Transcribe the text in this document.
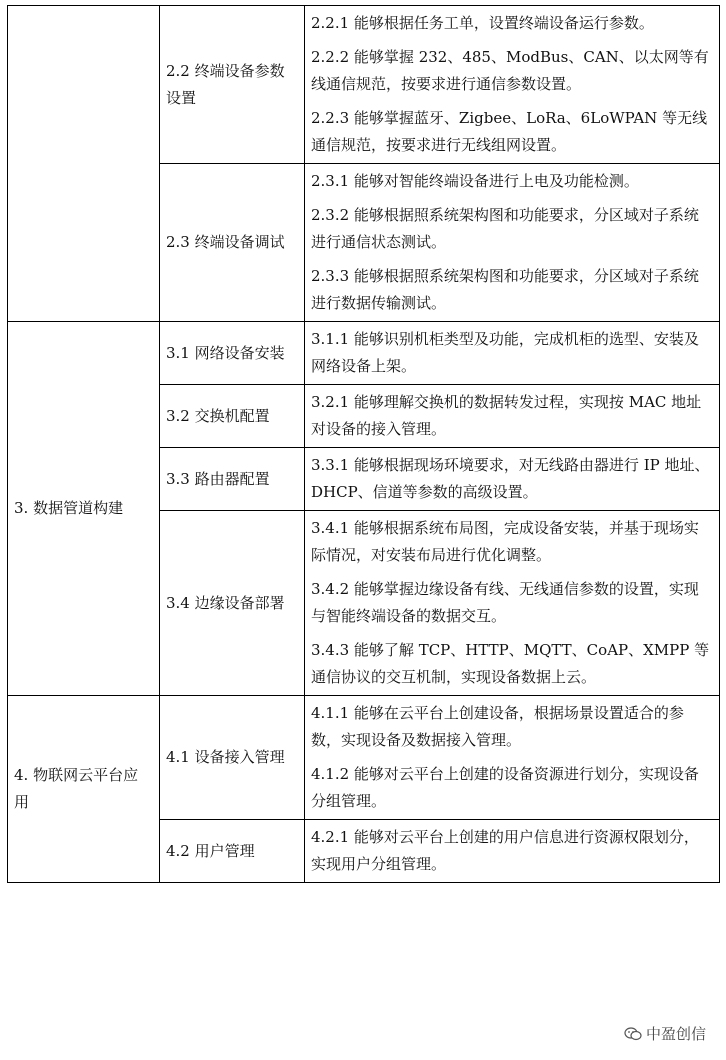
	2.2 终端设备参数设置	2.2.1 能够根据任务工单，设置终端设备运行参数。
2.2.2 能够掌握 232、485、ModBus、CAN、以太网等有线通信规范，按要求进行通信参数设置。
2.2.3 能够掌握蓝牙、Zigbee、LoRa、6LoWPAN 等无线通信规范，按要求进行无线组网设置。

	2.3 终端设备调试	2.3.1 能够对智能终端设备进行上电及功能检测。
2.3.2 能够根据照系统架构图和功能要求，分区域对子系统进行通信状态测试。
2.3.3 能够根据照系统架构图和功能要求，分区域对子系统进行数据传输测试。

3. 数据管道构建	3.1 网络设备安装	3.1.1 能够识别机柜类型及功能，完成机柜的选型、安装及网络设备上架。

	3.2 交换机配置	3.2.1 能够理解交换机的数据转发过程，实现按 MAC 地址对设备的接入管理。

	3.3 路由器配置	3.3.1 能够根据现场环境要求，对无线路由器进行 IP 地址、DHCP、信道等参数的高级设置。

	3.4 边缘设备部署	3.4.1 能够根据系统布局图，完成设备安装，并基于现场实际情况，对安装布局进行优化调整。
3.4.2 能够掌握边缘设备有线、无线通信参数的设置，实现与智能终端设备的数据交互。
3.4.3 能够了解 TCP、HTTP、MQTT、CoAP、XMPP 等通信协议的交互机制，实现设备数据上云。

4. 物联网云平台应用	4.1 设备接入管理	4.1.1 能够在云平台上创建设备，根据场景设置适合的参数，实现设备及数据接入管理。
4.1.2 能够对云平台上创建的设备资源进行划分，实现设备分组管理。

	4.2 用户管理	4.2.1 能够对云平台上创建的用户信息进行资源权限划分，实现用户分组管理。
中盈创信
